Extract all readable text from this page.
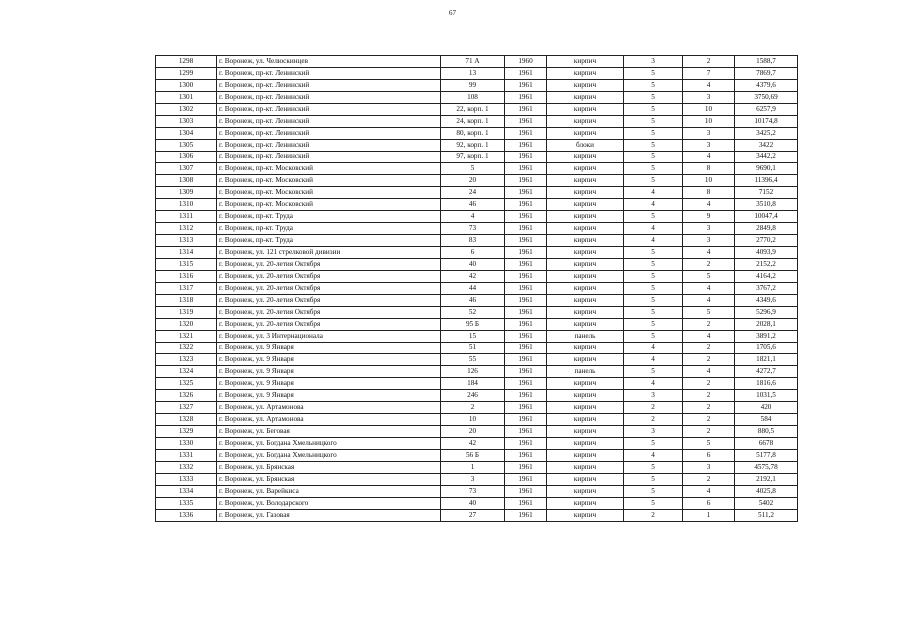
67
1298	г. Воронеж, ул. Челюскинцев	71 А	1960	кирпич	3	2	1588,7
1299	г. Воронеж, пр-кт. Ленинский	13	1961	кирпич	5	7	7869,7
1300	г. Воронеж, пр-кт. Ленинский	99	1961	кирпич	5	4	4379,6
1301	г. Воронеж, пр-кт. Ленинский	108	1961	кирпич	5	3	3750,69
1302	г. Воронеж, пр-кт. Ленинский	22, корп. 1	1961	кирпич	5	10	6257,9
1303	г. Воронеж, пр-кт. Ленинский	24, корп. 1	1961	кирпич	5	10	10174,8
1304	г. Воронеж, пр-кт. Ленинский	80, корп. 1	1961	кирпич	5	3	3425,2
1305	г. Воронеж, пр-кт. Ленинский	92, корп. 1	1961	блоки	5	3	3422
1306	г. Воронеж, пр-кт. Ленинский	97, корп. 1	1961	кирпич	5	4	3442,2
1307	г. Воронеж, пр-кт. Московский	5	1961	кирпич	5	8	9690,1
1308	г. Воронеж, пр-кт. Московский	20	1961	кирпич	5	10	11396,4
1309	г. Воронеж, пр-кт. Московский	24	1961	кирпич	4	8	7152
1310	г. Воронеж, пр-кт. Московский	46	1961	кирпич	4	4	3510,8
1311	г. Воронеж, пр-кт. Труда	4	1961	кирпич	5	9	10047,4
1312	г. Воронеж, пр-кт. Труда	73	1961	кирпич	4	3	2849,8
1313	г. Воронеж, пр-кт. Труда	83	1961	кирпич	4	3	2770,2
1314	г. Воронеж, ул. 121 стрелковой дивизии	6	1961	кирпич	5	4	4093,9
1315	г. Воронеж, ул. 20-летия Октября	40	1961	кирпич	5	2	2152,2
1316	г. Воронеж, ул. 20-летия Октября	42	1961	кирпич	5	5	4164,2
1317	г. Воронеж, ул. 20-летия Октября	44	1961	кирпич	5	4	3767,2
1318	г. Воронеж, ул. 20-летия Октября	46	1961	кирпич	5	4	4349,6
1319	г. Воронеж, ул. 20-летия Октября	52	1961	кирпич	5	5	5296,9
1320	г. Воронеж, ул. 20-летия Октября	95 Б	1961	кирпич	5	2	2028,1
1321	г. Воронеж, ул. 3 Интернационала	15	1961	панель	5	4	3891,2
1322	г. Воронеж, ул. 9 Января	51	1961	кирпич	4	2	1705,6
1323	г. Воронеж, ул. 9 Января	55	1961	кирпич	4	2	1821,1
1324	г. Воронеж, ул. 9 Января	126	1961	панель	5	4	4272,7
1325	г. Воронеж, ул. 9 Января	184	1961	кирпич	4	2	1816,6
1326	г. Воронеж, ул. 9 Января	246	1961	кирпич	3	2	1031,5
1327	г. Воронеж, ул. Артамонова	2	1961	кирпич	2	2	420
1328	г. Воронеж, ул. Артамонова	10	1961	кирпич	2	2	584
1329	г. Воронеж, ул. Беговая	20	1961	кирпич	3	2	880,5
1330	г. Воронеж, ул. Богдана Хмельницкого	42	1961	кирпич	5	5	6678
1331	г. Воронеж, ул. Богдана Хмельницкого	56 Б	1961	кирпич	4	6	5177,8
1332	г. Воронеж, ул. Брянская	1	1961	кирпич	5	3	4575,78
1333	г. Воронеж, ул. Брянская	3	1961	кирпич	5	2	2192,1
1334	г. Воронеж, ул. Варейкиса	73	1961	кирпич	5	4	4025,8
1335	г. Воронеж, ул. Володарского	40	1961	кирпич	5	6	5402
1336	г. Воронеж, ул. Газовая	27	1961	кирпич	2	1	511,2
